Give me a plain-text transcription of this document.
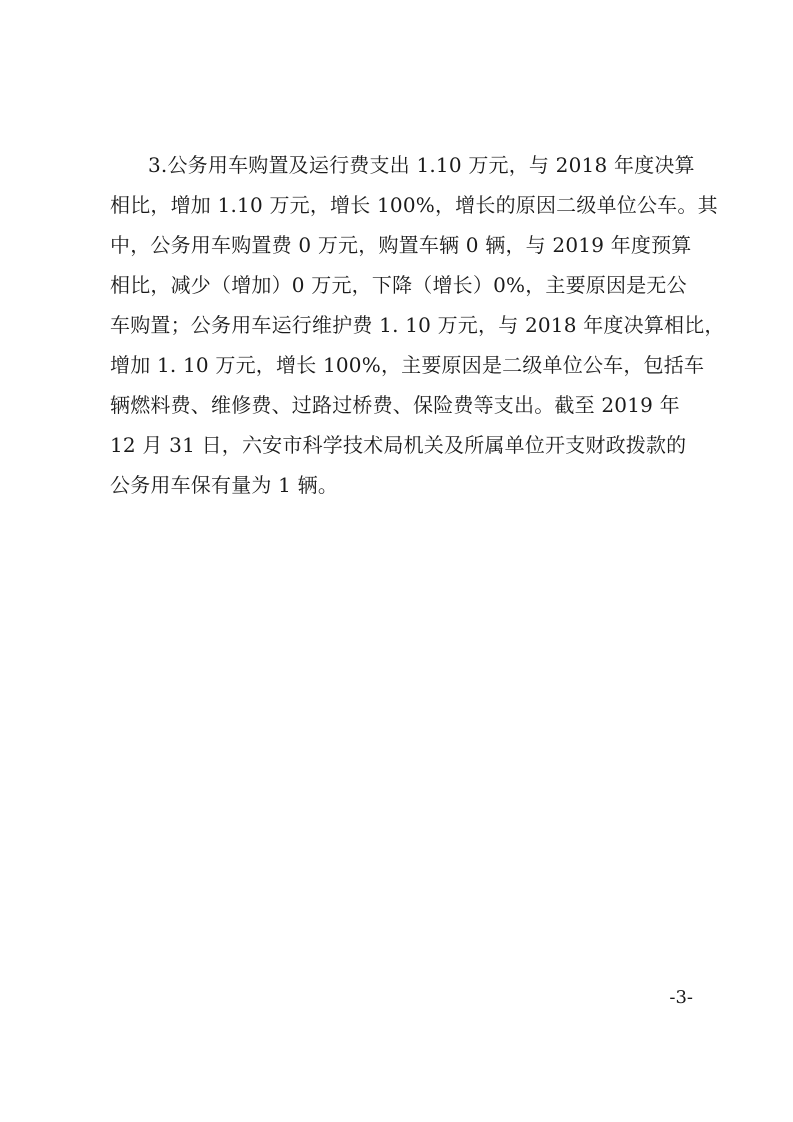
3.公务用车购置及运行费支出 1.10 万元，与 2018 年度决算
相比，增加 1.10 万元，增长 100%，增长的原因二级单位公车。其
中，公务用车购置费 0 万元，购置车辆 0 辆，与 2019 年度预算
相比，减少（增加）0 万元，下降（增长）0%，主要原因是无公
车购置；公务用车运行维护费 1. 10 万元，与 2018 年度决算相比，
增加 1. 10 万元，增长 100%，主要原因是二级单位公车，包括车
辆燃料费、维修费、过路过桥费、保险费等支出。截至 2019 年
12 月 31 日，六安市科学技术局机关及所属单位开支财政拨款的
公务用车保有量为 1 辆。
-3-
